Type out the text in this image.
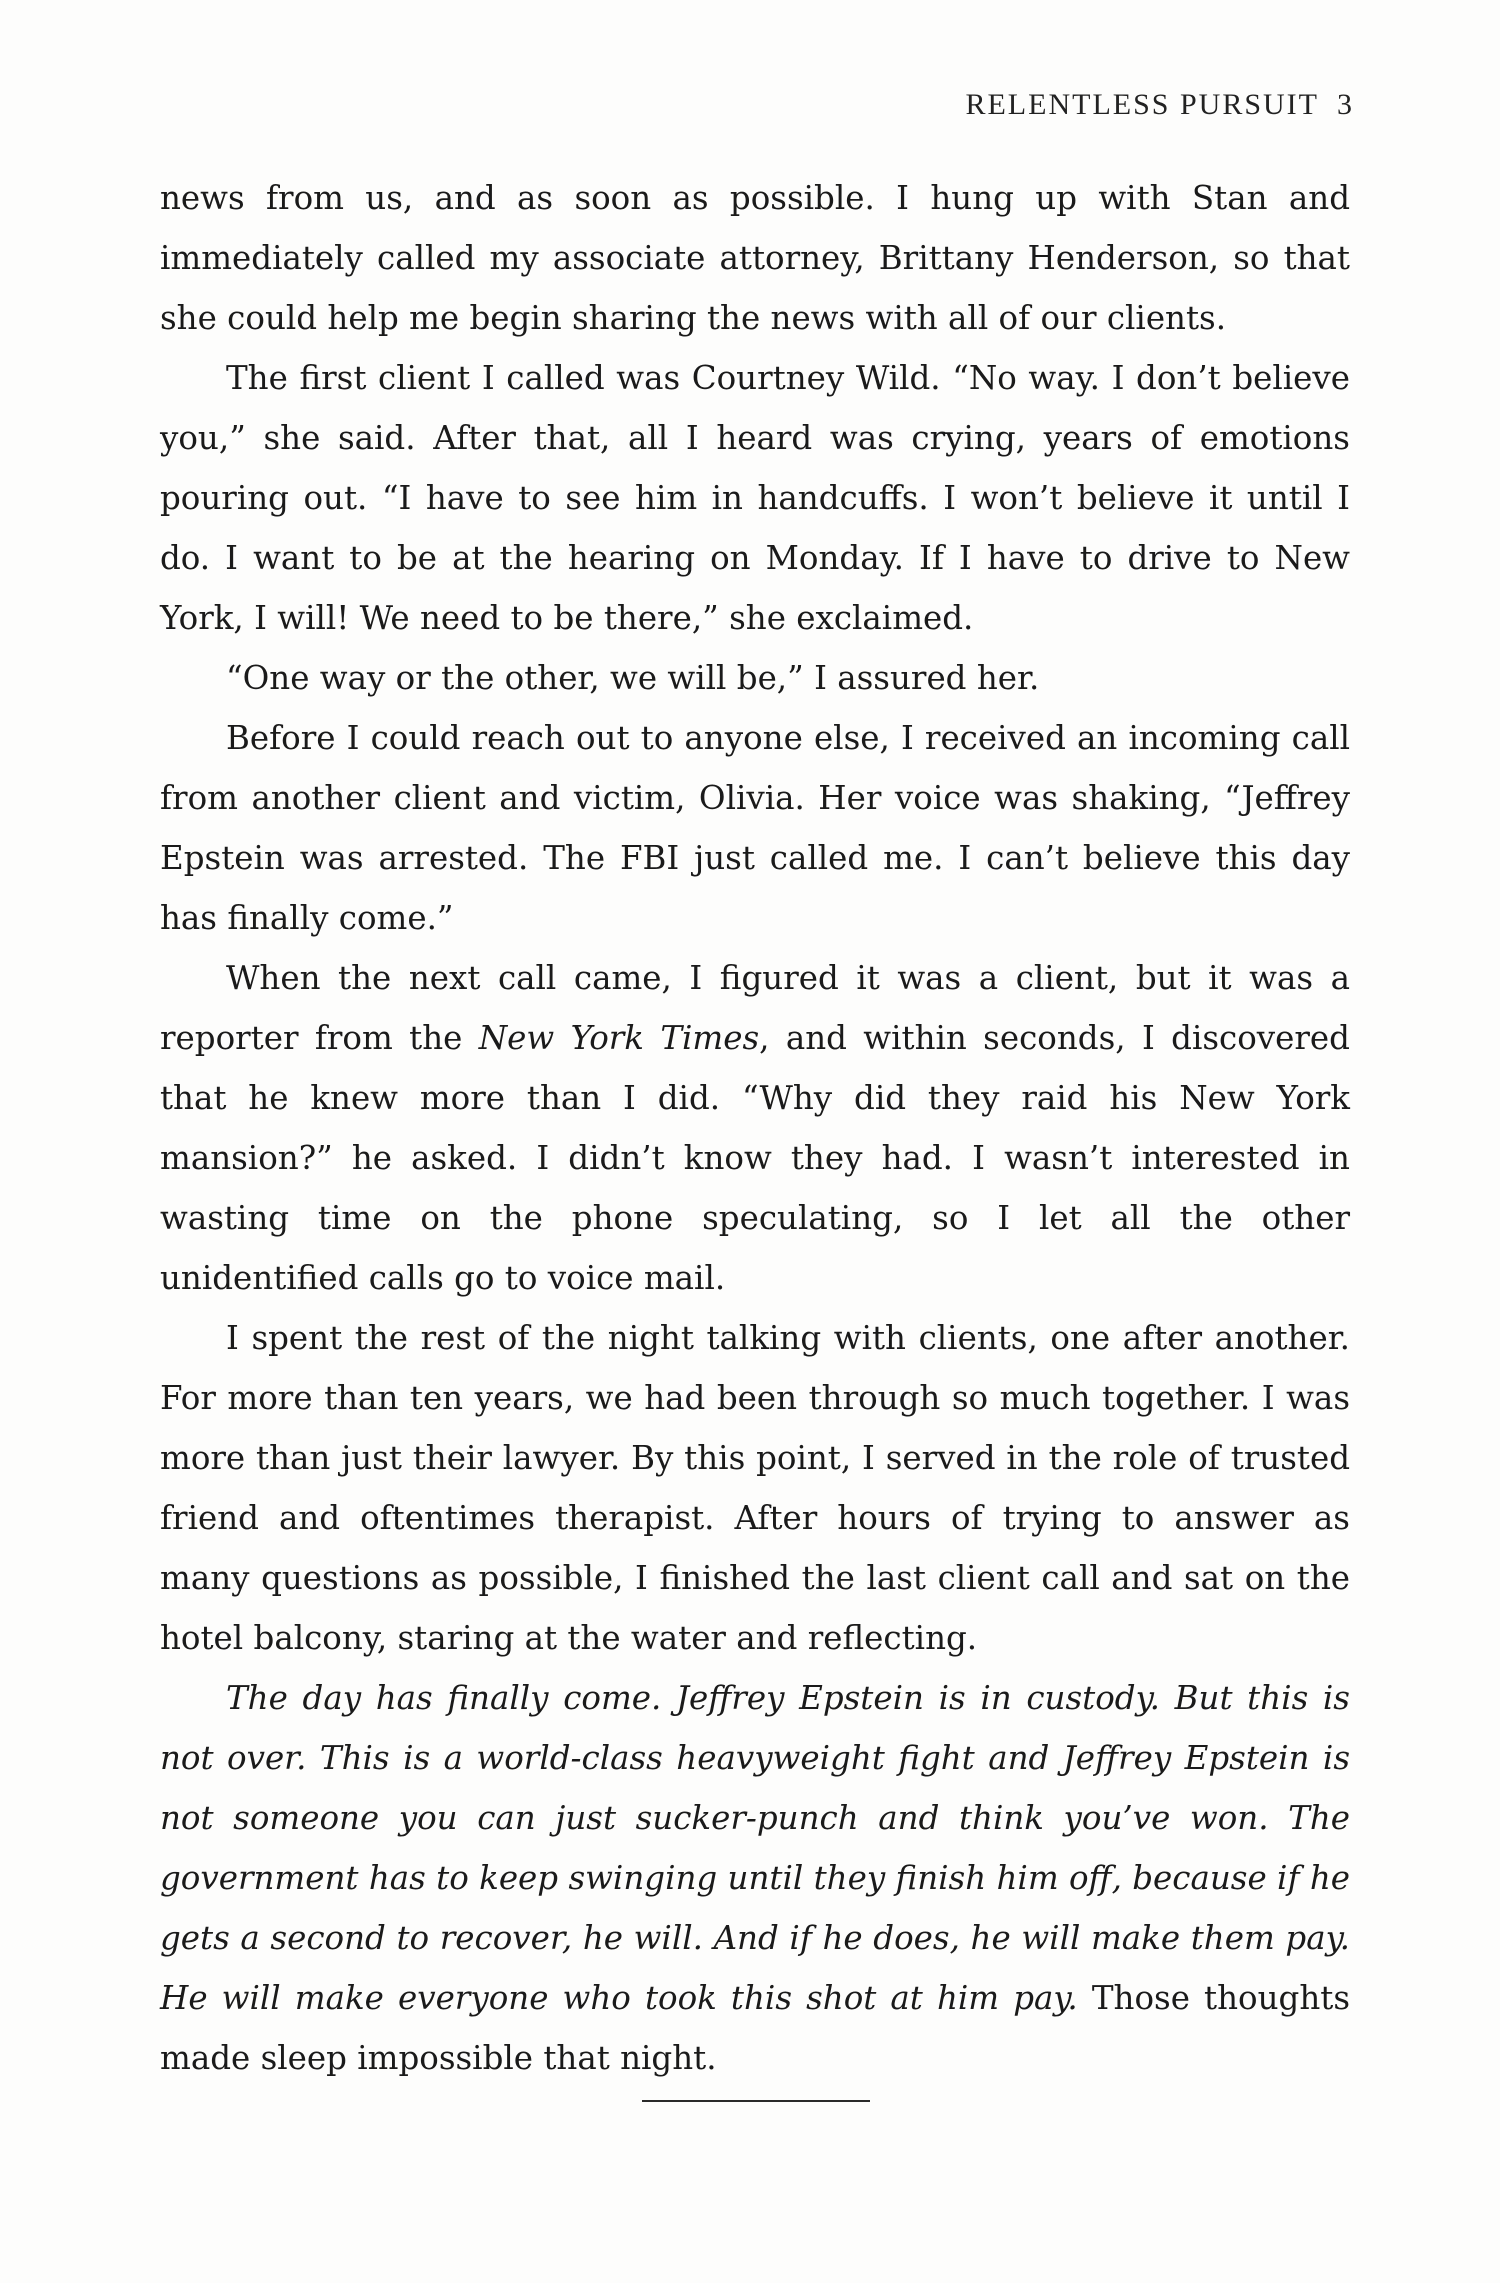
RELENTLESS PURSUIT 3

news from us, and as soon as possible. I hung up with Stan and immediately called my associate attorney, Brittany Henderson, so that she could help me begin sharing the news with all of our clients.

The first client I called was Courtney Wild. “No way. I don’t believe you,” she said. After that, all I heard was crying, years of emotions pouring out. “I have to see him in handcuffs. I won’t believe it until I do. I want to be at the hearing on Monday. If I have to drive to New York, I will! We need to be there,” she exclaimed.

“One way or the other, we will be,” I assured her.

Before I could reach out to anyone else, I received an incoming call from another client and victim, Olivia. Her voice was shaking, “Jeffrey Epstein was arrested. The FBI just called me. I can’t believe this day has finally come.”

When the next call came, I figured it was a client, but it was a reporter from the New York Times, and within seconds, I discovered that he knew more than I did. “Why did they raid his New York mansion?” he asked. I didn’t know they had. I wasn’t interested in wasting time on the phone speculating, so I let all the other unidentified calls go to voice mail.

I spent the rest of the night talking with clients, one after another. For more than ten years, we had been through so much together. I was more than just their lawyer. By this point, I served in the role of trusted friend and oftentimes therapist. After hours of trying to answer as many questions as possible, I finished the last client call and sat on the hotel balcony, staring at the water and reflecting.

The day has finally come. Jeffrey Epstein is in custody. But this is not over. This is a world-class heavyweight fight and Jeffrey Epstein is not someone you can just sucker-punch and think you’ve won. The government has to keep swinging until they finish him off, because if he gets a second to recover, he will. And if he does, he will make them pay. He will make everyone who took this shot at him pay. Those thoughts made sleep impossible that night.
